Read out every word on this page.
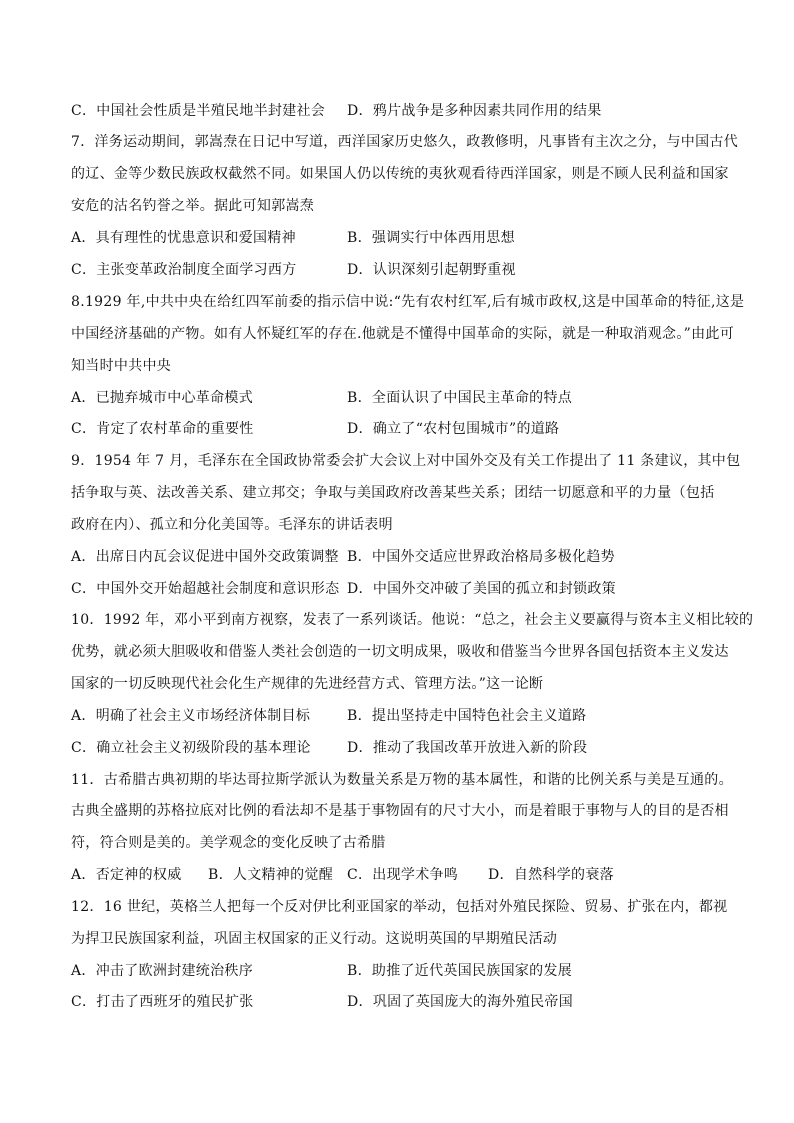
C．中国社会性质是半殖民地半封建社会 D．鸦片战争是多种因素共同作用的结果
7．洋务运动期间，郭嵩焘在日记中写道，西洋国家历史悠久，政教修明，凡事皆有主次之分，与中国古代
的辽、金等少数民族政权截然不同。如果国人仍以传统的夷狄观看待西洋国家，则是不顾人民利益和国家
安危的沽名钓誉之举。据此可知郭嵩焘
A．具有理性的忧患意识和爱国精神	B．强调实行中体西用思想
C．主张变革政治制度全面学习西方	D．认识深刻引起朝野重视
8.1929 年,中共中央在给红四军前委的指示信中说:“先有农村红军,后有城市政权,这是中国革命的特征,这是
中国经济基础的产物。如有人怀疑红军的存在.他就是不懂得中国革命的实际，就是一种取消观念。”由此可
知当时中共中央
A．已抛弃城市中心革命模式	B．全面认识了中国民主革命的特点
C．肯定了农村革命的重要性	D．确立了“农村包围城市”的道路
9．1954 年 7 月，毛泽东在全国政协常委会扩大会议上对中国外交及有关工作提出了 11 条建议，其中包
括争取与英、法改善关系、建立邦交；争取与美国政府改善某些关系；团结一切愿意和平的力量（包括
政府在内）、孤立和分化美国等。毛泽东的讲话表明
A．出席日内瓦会议促进中国外交政策调整 B．中国外交适应世界政治格局多极化趋势
C．中国外交开始超越社会制度和意识形态 D．中国外交冲破了美国的孤立和封锁政策
10．1992 年，邓小平到南方视察，发表了一系列谈话。他说：“总之，社会主义要赢得与资本主义相比较的
优势，就必须大胆吸收和借鉴人类社会创造的一切文明成果，吸收和借鉴当今世界各国包括资本主义发达
国家的一切反映现代社会化生产规律的先进经营方式、管理方法。”这一论断
A．明确了社会主义市场经济体制目标	B．提出坚持走中国特色社会主义道路
C．确立社会主义初级阶段的基本理论	D．推动了我国改革开放进入新的阶段
11．古希腊古典初期的毕达哥拉斯学派认为数量关系是万物的基本属性，和谐的比例关系与美是互通的。
古典全盛期的苏格拉底对比例的看法却不是基于事物固有的尺寸大小，而是着眼于事物与人的目的是否相
符，符合则是美的。美学观念的变化反映了古希腊
A．否定神的权威 B．人文精神的觉醒 C．出现学术争鸣 D．自然科学的衰落
12．16 世纪，英格兰人把每一个反对伊比利亚国家的举动，包括对外殖民探险、贸易、扩张在内，都视
为捍卫民族国家利益，巩固主权国家的正义行动。这说明英国的早期殖民活动
A．冲击了欧洲封建统治秩序	B．助推了近代英国民族国家的发展
C．打击了西班牙的殖民扩张	D．巩固了英国庞大的海外殖民帝国
